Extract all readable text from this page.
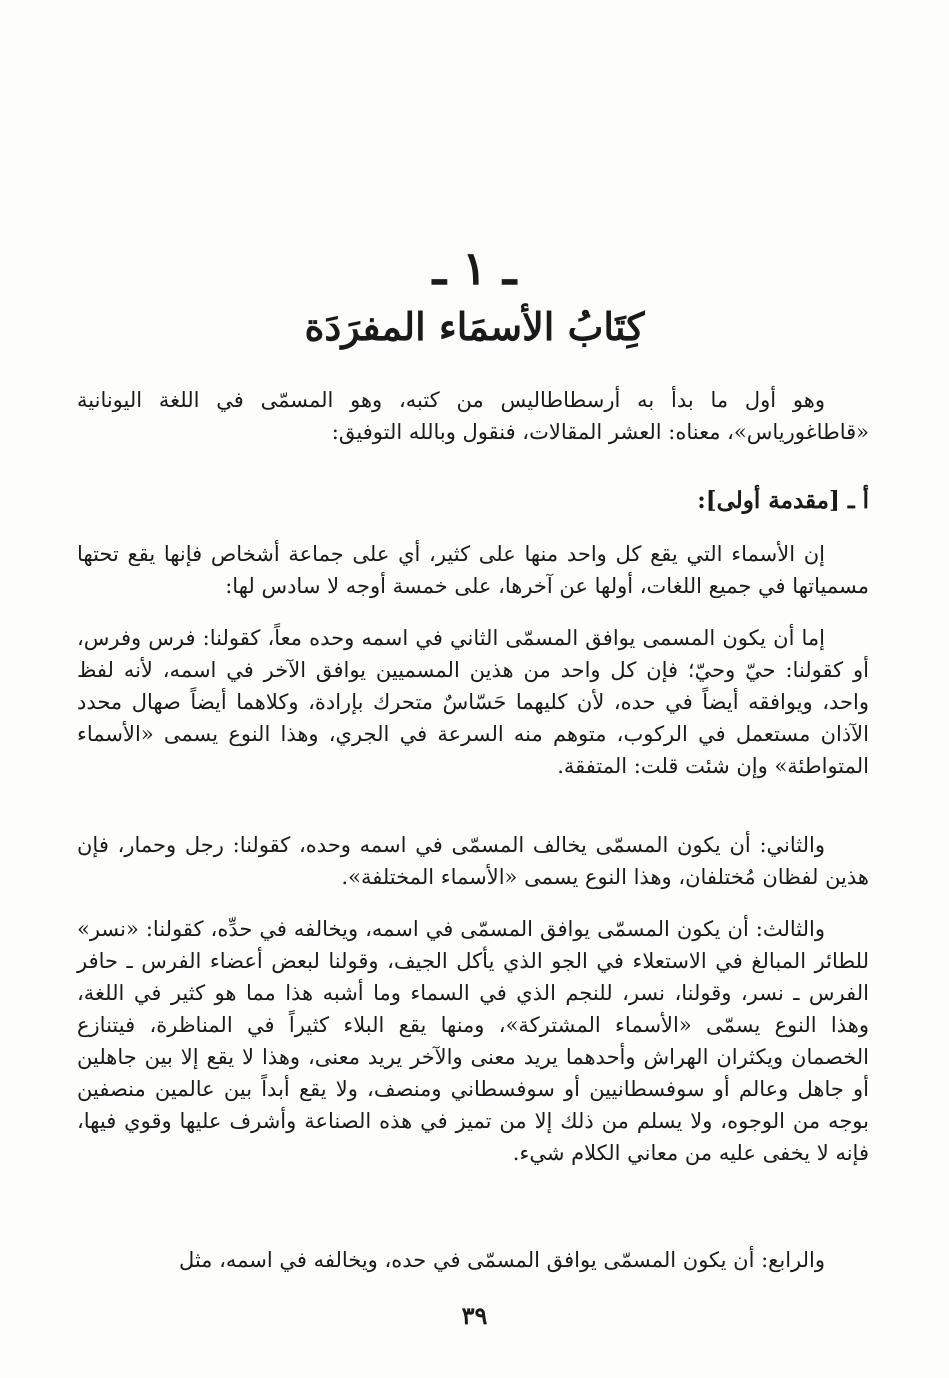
ـ ١ ـ
كِتَابُ الأسمَاء المفرَدَة

وهو أول ما بدأ به أرسطاطاليس من كتبه، وهو المسمّى في اللغة اليونانية «قاطاغورياس»، معناه: العشر المقالات، فنقول وبالله التوفيق:

أ ـ [مقدمة أولى]:

إن الأسماء التي يقع كل واحد منها على كثير، أي على جماعة أشخاص فإنها يقع تحتها مسمياتها في جميع اللغات، أولها عن آخرها، على خمسة أوجه لا سادس لها:

إما أن يكون المسمى يوافق المسمّى الثاني في اسمه وحده معاً، كقولنا: فرس وفرس، أو كقولنا: حيّ وحيّ؛ فإن كل واحد من هذين المسميين يوافق الآخر في اسمه، لأنه لفظ واحد، ويوافقه أيضاً في حده، لأن كليهما حَسّاسٌ متحرك بإرادة، وكلاهما أيضاً صهال محدد الآذان مستعمل في الركوب، متوهم منه السرعة في الجري، وهذا النوع يسمى «الأسماء المتواطئة» وإن شئت قلت: المتفقة.

والثاني: أن يكون المسمّى يخالف المسمّى في اسمه وحده، كقولنا: رجل وحمار، فإن هذين لفظان مُختلفان، وهذا النوع يسمى «الأسماء المختلفة».

والثالث: أن يكون المسمّى يوافق المسمّى في اسمه، ويخالفه في حدِّه، كقولنا: «نسر» للطائر المبالغ في الاستعلاء في الجو الذي يأكل الجيف، وقولنا لبعض أعضاء الفرس ـ حافر الفرس ـ نسر، وقولنا، نسر، للنجم الذي في السماء وما أشبه هذا مما هو كثير في اللغة، وهذا النوع يسمّى «الأسماء المشتركة»، ومنها يقع البلاء كثيراً في المناظرة، فيتنازع الخصمان ويكثران الهراش وأحدهما يريد معنى والآخر يريد معنى، وهذا لا يقع إلا بين جاهلين أو جاهل وعالم أو سوفسطانيين أو سوفسطاني ومنصف، ولا يقع أبداً بين عالمين منصفين بوجه من الوجوه، ولا يسلم من ذلك إلا من تميز في هذه الصناعة وأشرف عليها وقوي فيها، فإنه لا يخفى عليه من معاني الكلام شيء.

والرابع: أن يكون المسمّى يوافق المسمّى في حده، ويخالفه في اسمه، مثل

٣٩
